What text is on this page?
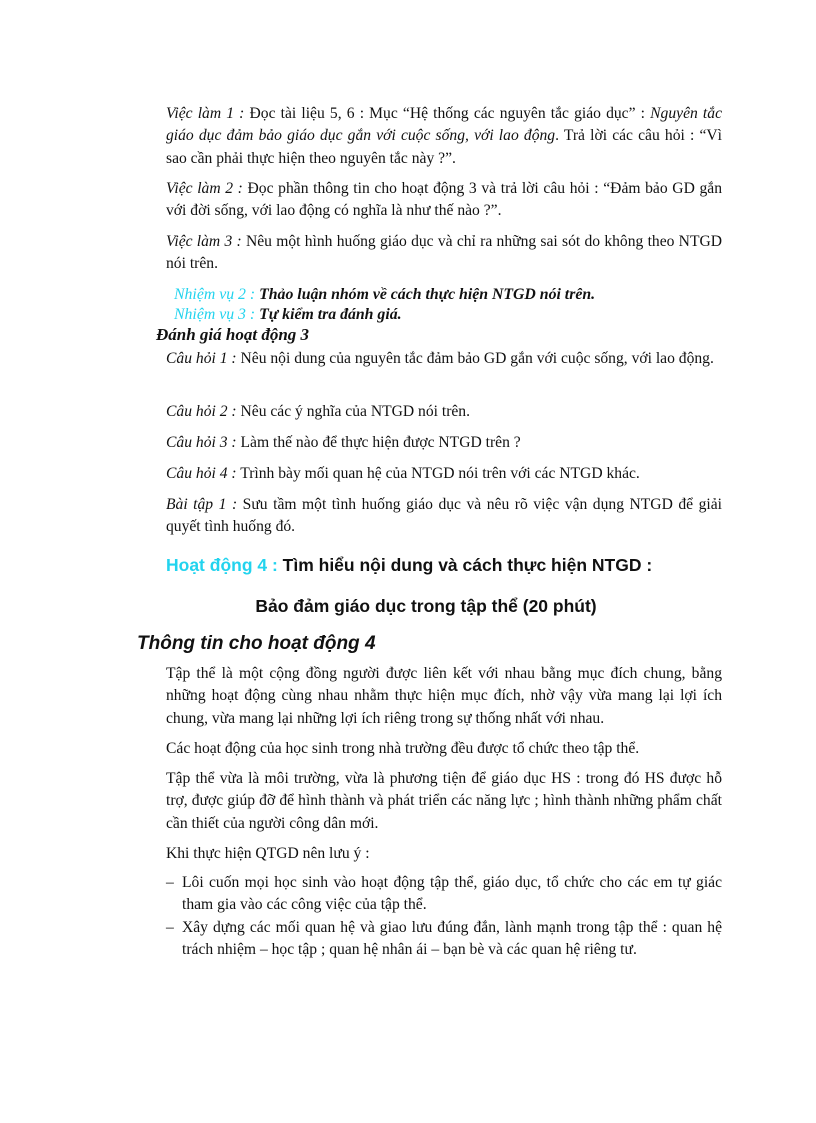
Việc làm 1 : Đọc tài liệu 5, 6 : Mục “Hệ thống các nguyên tắc giáo dục” : Nguyên tắc giáo dục đảm bảo giáo dục gắn với cuộc sống, với lao động. Trả lời các câu hỏi : “Vì sao cần phải thực hiện theo nguyên tắc này ?”.

Việc làm 2 : Đọc phần thông tin cho hoạt động 3 và trả lời câu hỏi : “Đảm bảo GD gắn với đời sống, với lao động có nghĩa là như thế nào ?”.

Việc làm 3 : Nêu một hình huống giáo dục và chỉ ra những sai sót do không theo NTGD nói trên.

Nhiệm vụ 2 : Thảo luận nhóm về cách thực hiện NTGD nói trên.
Nhiệm vụ 3 : Tự kiểm tra đánh giá.
Đánh giá hoạt động 3

Câu hỏi 1 : Nêu nội dung của nguyên tắc đảm bảo GD gắn với cuộc sống, với lao động.

Câu hỏi 2 : Nêu các ý nghĩa của NTGD nói trên.

Câu hỏi 3 : Làm thế nào để thực hiện được NTGD trên ?

Câu hỏi 4 : Trình bày mối quan hệ của NTGD nói trên với các NTGD khác.

Bài tập 1 : Sưu tầm một tình huống giáo dục và nêu rõ việc vận dụng NTGD để giải quyết tình huống đó.

Hoạt động 4 : Tìm hiểu nội dung và cách thực hiện NTGD :
Bảo đảm giáo dục trong tập thể (20 phút)
Thông tin cho hoạt động 4

Tập thể là một cộng đồng người được liên kết với nhau bằng mục đích chung, bằng những hoạt động cùng nhau nhằm thực hiện mục đích, nhờ vậy vừa mang lại lợi ích chung, vừa mang lại những lợi ích riêng trong sự thống nhất với nhau.

Các hoạt động của học sinh trong nhà trường đều được tổ chức theo tập thể.

Tập thể vừa là môi trường, vừa là phương tiện để giáo dục HS : trong đó HS được hỗ trợ, được giúp đỡ để hình thành và phát triển các năng lực ; hình thành những phẩm chất cần thiết của người công dân mới.

Khi thực hiện QTGD nên lưu ý :

– Lôi cuốn mọi học sinh vào hoạt động tập thể, giáo dục, tổ chức cho các em tự giác tham gia vào các công việc của tập thể.
– Xây dựng các mối quan hệ và giao lưu đúng đắn, lành mạnh trong tập thể : quan hệ trách nhiệm – học tập ; quan hệ nhân ái – bạn bè và các quan hệ riêng tư.
